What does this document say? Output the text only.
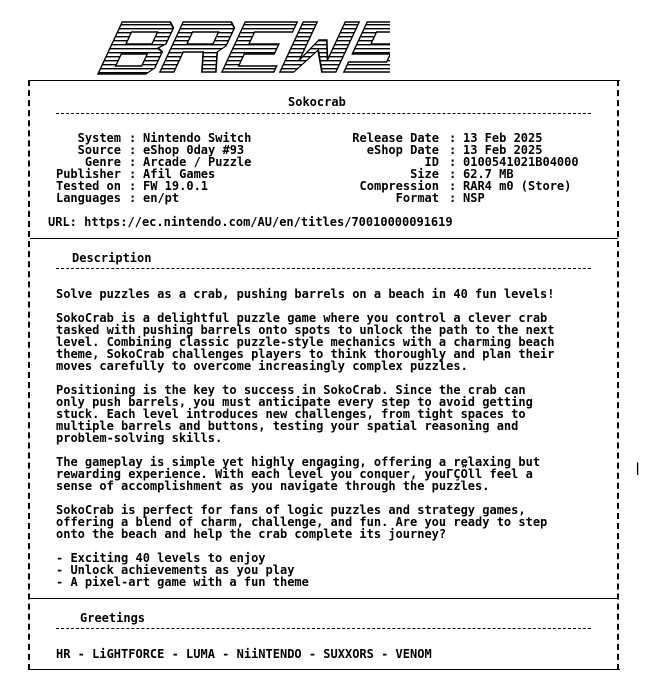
|
Sokocrab
System : Nintendo Switch
Source : eShop 0day #93
Genre : Arcade / Puzzle
Publisher : Afil Games
Tested on : FW 19.0.1
Languages : en/pt
Release Date : 13 Feb 2025
eShop Date : 13 Feb 2025
ID : 0100541021B04000
Size : 62.7 MB
Compression : RAR4 m0 (Store)
Format : NSP
URL: https://ec.nintendo.com/AU/en/titles/70010000091619
Description
Solve puzzles as a crab, pushing barrels on a beach in 40 fun levels!
SokoCrab is a delightful puzzle game where you control a clever crab
tasked with pushing barrels onto spots to unlock the path to the next
level. Combining classic puzzle-style mechanics with a charming beach
theme, SokoCrab challenges players to think thoroughly and plan their
moves carefully to overcome increasingly complex puzzles.
Positioning is the key to success in SokoCrab. Since the crab can
only push barrels, you must anticipate every step to avoid getting
stuck. Each level introduces new challenges, from tight spaces to
multiple barrels and buttons, testing your spatial reasoning and
problem-solving skills.
The gameplay is simple yet highly engaging, offering a relaxing but
rewarding experience. With each level you conquer, youΓÇÖll feel a
sense of accomplishment as you navigate through the puzzles.
SokoCrab is perfect for fans of logic puzzles and strategy games,
offering a blend of charm, challenge, and fun. Are you ready to step
onto the beach and help the crab complete its journey?
- Exciting 40 levels to enjoy
- Unlock achievements as you play
- A pixel-art game with a fun theme
Greetings
HR - LiGHTFORCE - LUMA - NiiNTENDO - SUXXORS - VENOM
